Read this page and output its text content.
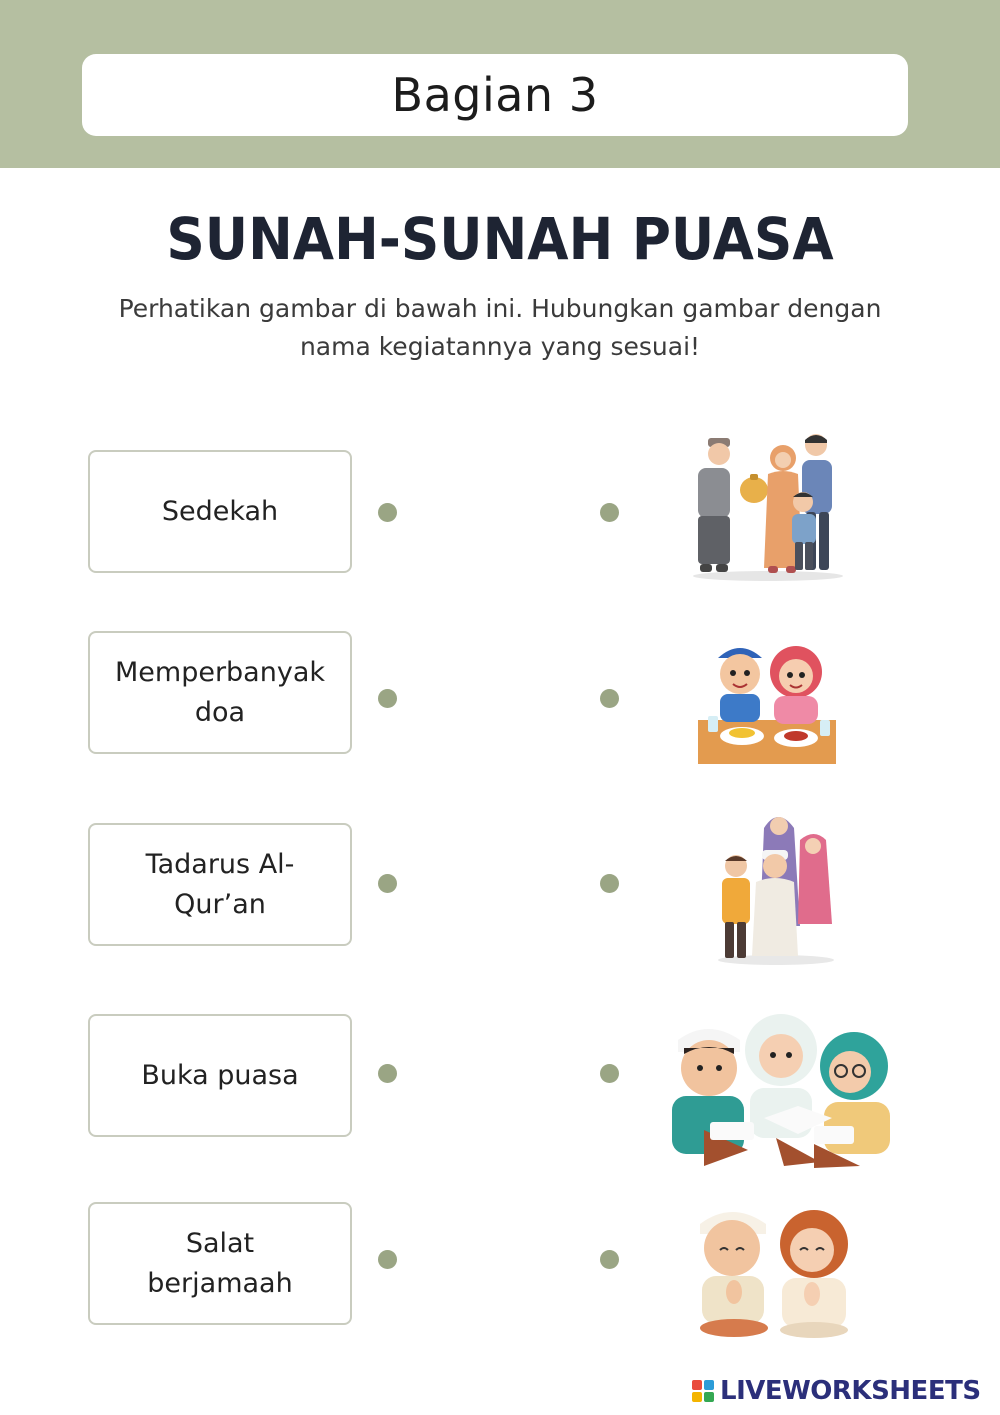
Bagian 3
SUNAH-SUNAH PUASA
Perhatikan gambar di bawah ini. Hubungkan gambar dengan nama kegiatannya yang sesuai!
Sedekah
Memperbanyak doa
Tadarus Al-Qur’an
Buka puasa
Salat berjamaah
LIVEWORKSHEETS
